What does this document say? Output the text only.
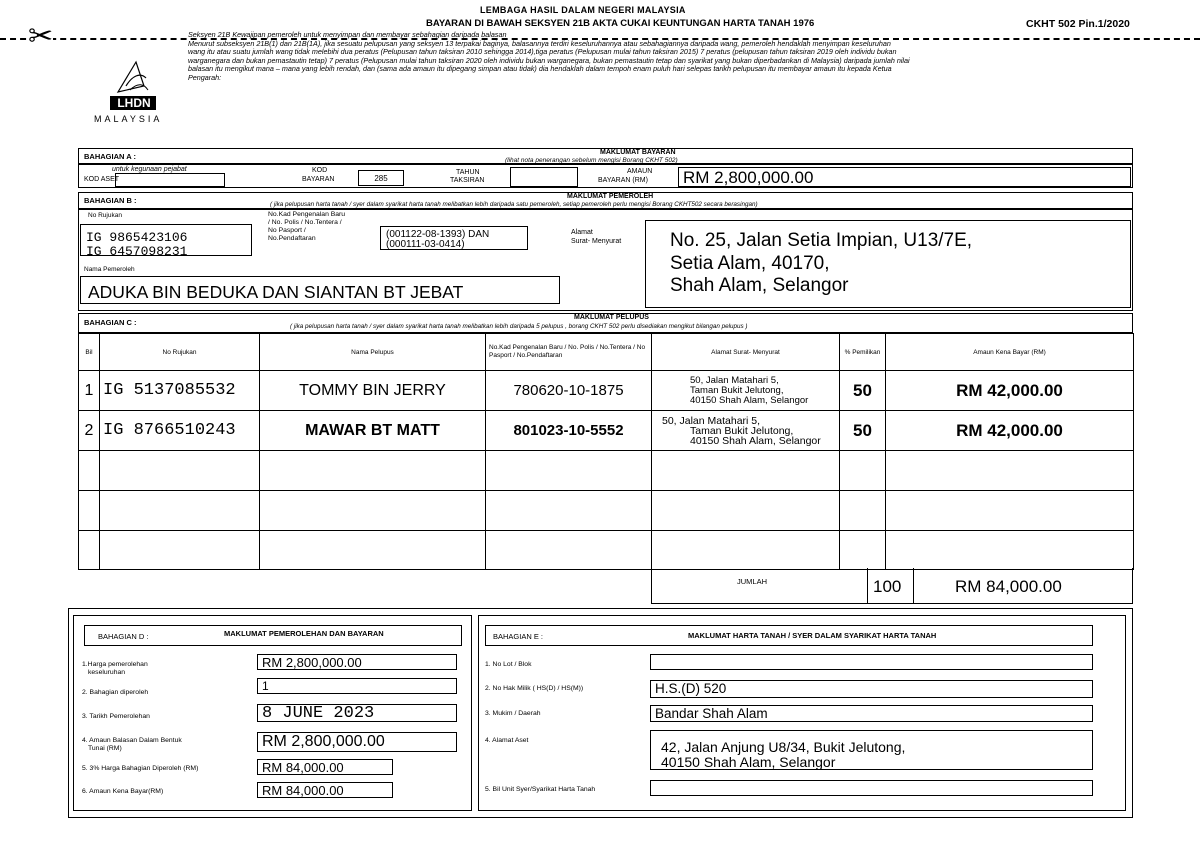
✂
LEMBAGA HASIL DALAM NEGERI MALAYSIA
BAYARAN DI BAWAH SEKSYEN 21B AKTA CUKAI KEUNTUNGAN HARTA TANAH 1976	CKHT 502 Pin.1/2020
LHDN
MALAYSIA

Seksyen 21B Kewajipan pemeroleh untuk menyimpan dan membayar sebahagian daripada balasan

Menurut subseksyen 21B(1) dan 21B(1A), jika sesuatu pelupusan yang seksyen 13 terpakai baginya, balasannya terdiri keseluruhannya atau sebahagiannya daripada wang, pemeroleh hendaklah menyimpan keseluruhan

wang itu atau suatu jumlah wang tidak melebihi dua peratus (Pelupusan tahun taksiran 2010 sehingga 2014),tiga peratus (Pelupusan mulai tahun taksiran 2015) 7 peratus (pelupusan tahun taksiran 2019 oleh individu bukan

warganegara dan bukan pemastautin tetap) 7 peratus (Pelupusan mulai tahun taksiran 2020 oleh individu bukan warganegara, bukan pemastautin tetap dan syarikat yang bukan diperbadankan di Malaysia) daripada jumlah nilai

balasan itu mengikut mana – mana yang lebih rendah, dan (sama ada amaun itu dipegang simpan atau tidak) dia hendaklah dalam tempoh enam puluh hari selepas tarikh pelupusan itu membayar amaun itu kepada Ketua

Pengarah:

BAHAGIAN A :	MAKLUMAT BAYARAN
(lihat nota penerangan sebelum mengisi Borang CKHT 502)
untuk kegunaan pejabat
KOD ASET
KOD
BAYARAN	285
TAHUN
TAKSIRAN
AMAUN
BAYARAN (RM) RM 2,800,000.00
BAHAGIAN B :	MAKLUMAT PEMEROLEH
( jika pelupusan harta tanah / syer dalam syarikat harta tanah melibatkan lebih daripada satu pemeroleh, setiap pemeroleh perlu mengisi Borang CKHT502 secara berasingan)
No Rujukan
IG 9865423106
IG 6457098231
No.Kad Pengenalan Baru
/ No. Polis / No.Tentera /
No Pasport /
No.Pendaftaran	(001122-08-1393) DAN
(000111-03-0414)
Alamat
Surat- Menyurat	No. 25, Jalan Setia Impian, U13/7E,
Setia Alam, 40170,
Shah Alam, Selangor
Nama Pemeroleh
ADUKA BIN BEDUKA DAN SIANTAN BT JEBAT
BAHAGIAN C :
MAKLUMAT PELUPUS
( jika pelupusan harta tanah / syer dalam syarikat harta tanah melibatkan lebih daripada 5 pelupus , borang CKHT 502 perlu disediakan mengikut bilangan pelupus )
Bil	No Rujukan	Nama Pelupus	No.Kad Pengenalan Baru / No. Polis / No.Tentera / No Pasport / No.Pendaftaran	Alamat Surat- Menyurat	% Pemilikan	Amaun Kena Bayar (RM)
1	IG 5137085532	TOMMY BIN JERRY	780620-10-1875	50, Jalan Matahari 5,
Taman Bukit Jelutong,
40150 Shah Alam, Selangor	50	RM 42,000.00
2	IG 8766510243	MAWAR BT MATT	801023-10-5552	50, Jalan Matahari 5,
Taman Bukit Jelutong,
40150 Shah Alam, Selangor	50	RM 42,000.00

JUMLAH	100	RM 84,000.00
BAHAGIAN D :	MAKLUMAT PEMEROLEHAN DAN BAYARAN
1.Harga pemerolehan
keseluruhan
RM 2,800,000.00
2. Bahagian diperoleh	1
3. Tarikh Pemerolehan	8 JUNE 2023
4. Amaun Balasan Dalam Bentuk
Tunai (RM)	RM 2,800,000.00
5. 3% Harga Bahagian Diperoleh (RM)	RM 84,000.00
6. Amaun Kena Bayar(RM)	RM 84,000.00
BAHAGIAN E :	MAKLUMAT HARTA TANAH / SYER DALAM SYARIKAT HARTA TANAH
1. No Lot / Blok
2. No Hak Milik ( HS(D) / HS(M))	H.S.(D) 520
3. Mukim / Daerah	Bandar Shah Alam
4. Alamat Aset	42, Jalan Anjung U8/34, Bukit Jelutong,
40150 Shah Alam, Selangor
5. Bil Unit Syer/Syarikat Harta Tanah
